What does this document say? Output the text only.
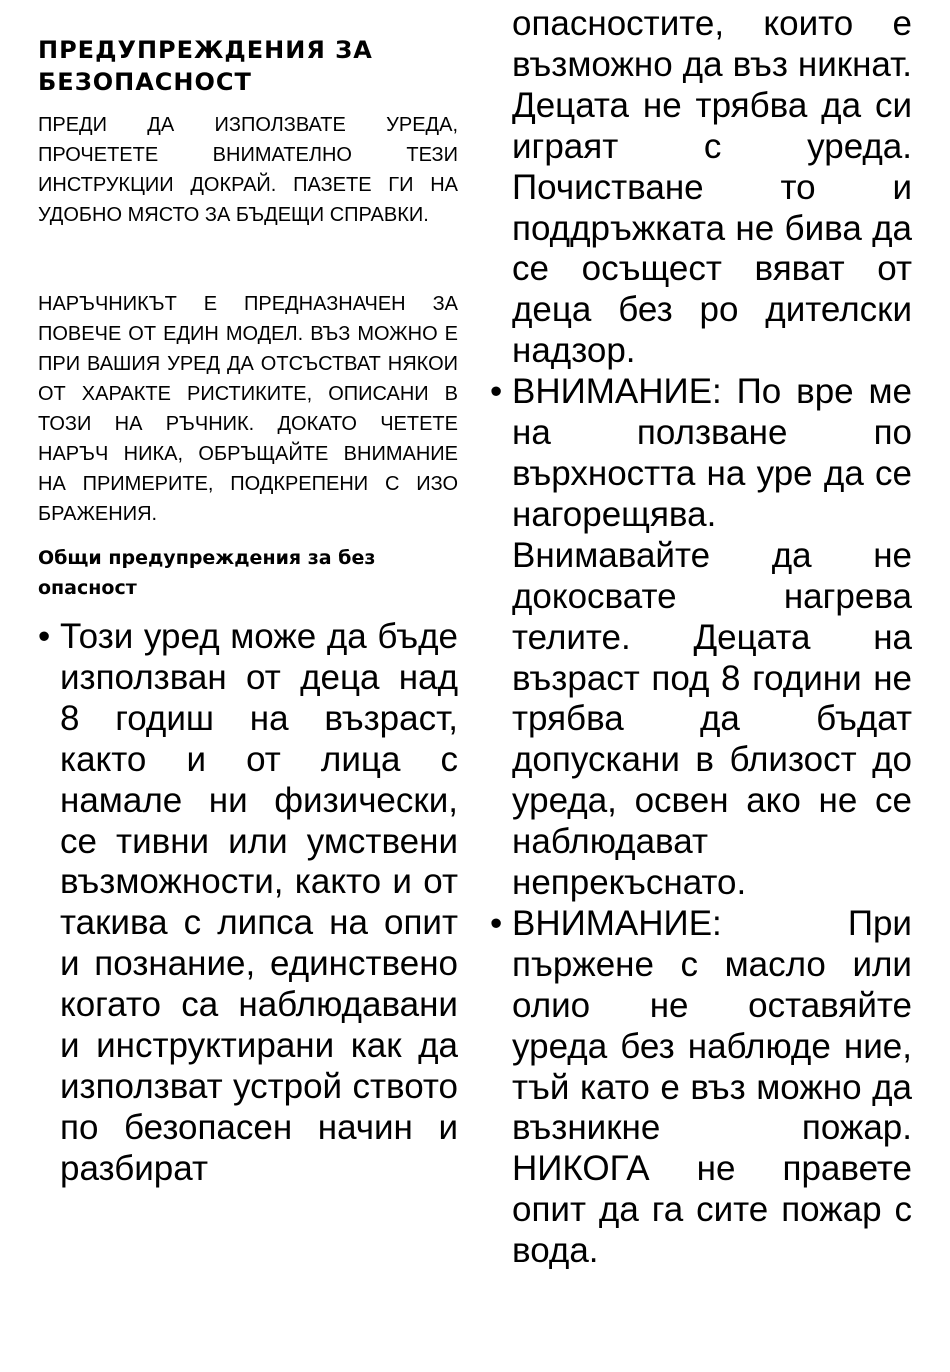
ПРЕДУПРЕЖДЕНИЯ ЗА БЕЗОПАСНОСТ

ПРЕДИ ДА ИЗПОЛЗВАТЕ УРЕДА, ПРОЧЕТЕТЕ ВНИМАТЕЛНО ТЕЗИ ИНСТРУКЦИИ ДОКРАЙ. ПАЗЕТЕ ГИ НА УДОБНО МЯСТО ЗА БЪДЕЩИ СПРАВКИ.

НАРЪЧНИКЪТ Е ПРЕДНАЗНАЧЕН ЗА ПОВЕЧЕ ОТ ЕДИН МОДЕЛ. ВЪЗ МОЖНО Е ПРИ ВАШИЯ УРЕД ДА ОТСЪСТВАТ НЯКОИ ОТ ХАРАКТЕ РИСТИКИТЕ, ОПИСАНИ В ТОЗИ НА РЪЧНИК. ДОКАТО ЧЕТЕТЕ НАРЪЧ НИКА, ОБРЪЩАЙТЕ ВНИМАНИЕ НА ПРИМЕРИТЕ, ПОДКРЕПЕНИ С ИЗО БРАЖЕНИЯ.

Общи предупреждения за без опасност
• Този уред може да бъде използван от деца над 8 годиш на възраст, както и от лица с намале ни физически, се тивни или умствени възможности, както и от такива с липса на опит и познание, единствено когато са наблюдавани и инструктирани как да използват устрой ството по безопасен начин и разбират

опасностите, които е възможно да въз никнат. Децата не трябва да си играят с уреда. Почистване то и поддръжката не бива да се осъщест вяват от деца без ро дителски надзор.

• ВНИМАНИЕ: По вре ме на ползване по върхността на уре да се нагорещява. Внимавайте да не докосвате нагрева телите. Децата на възраст под 8 години не трябва да бъдат допускани в близост до уреда, освен ако не се наблюдават непрекъснато.

• ВНИМАНИЕ: При пържене с масло или олио не оставяйте уреда без наблюде ние, тъй като е въз можно да възникне пожар. НИКОГА не правете опит да га сите пожар с вода.
